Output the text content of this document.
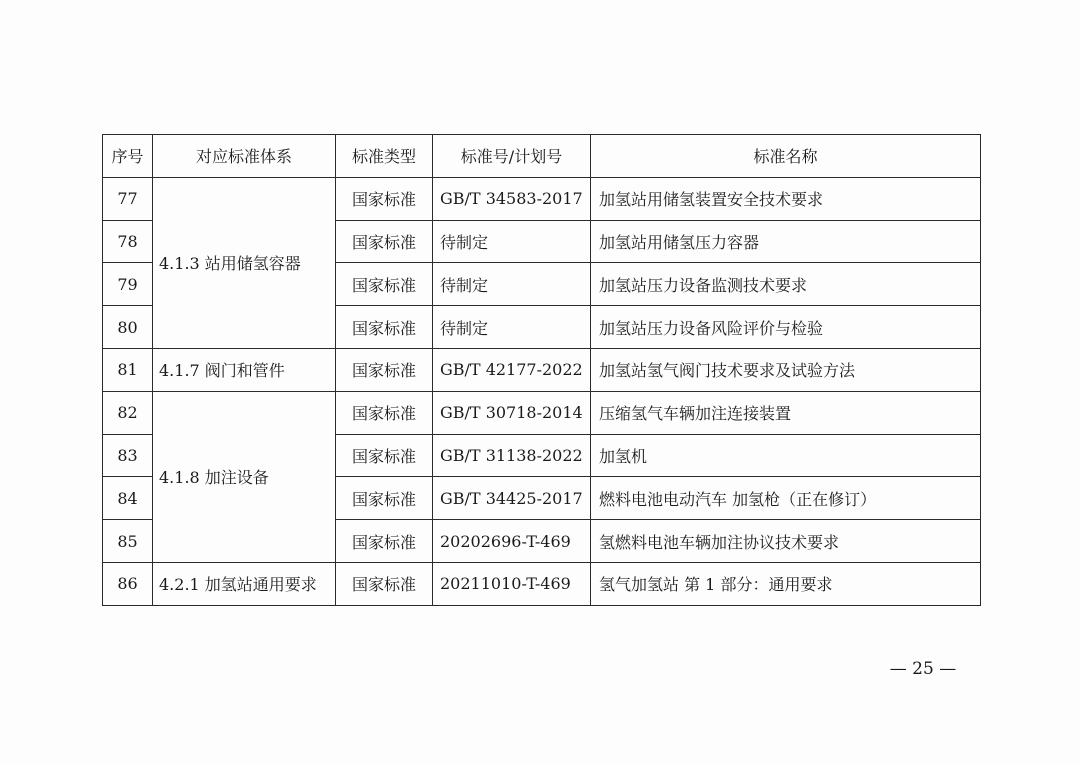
序号	对应标准体系	标准类型	标准号/计划号	标准名称
77	4.1.3 站用储氢容器	国家标准	GB/T 34583-2017	加氢站用储氢装置安全技术要求
78		国家标准	待制定	加氢站用储氢压力容器
79		国家标准	待制定	加氢站压力设备监测技术要求
80		国家标准	待制定	加氢站压力设备风险评价与检验
81	4.1.7 阀门和管件	国家标准	GB/T 42177-2022	加氢站氢气阀门技术要求及试验方法
82	4.1.8 加注设备	国家标准	GB/T 30718-2014	压缩氢气车辆加注连接装置
83		国家标准	GB/T 31138-2022	加氢机
84		国家标准	GB/T 34425-2017	燃料电池电动汽车 加氢枪（正在修订）
85		国家标准	20202696-T-469	氢燃料电池车辆加注协议技术要求
86	4.2.1 加氢站通用要求	国家标准	20211010-T-469	氢气加氢站 第 1 部分：通用要求
— 25 —
